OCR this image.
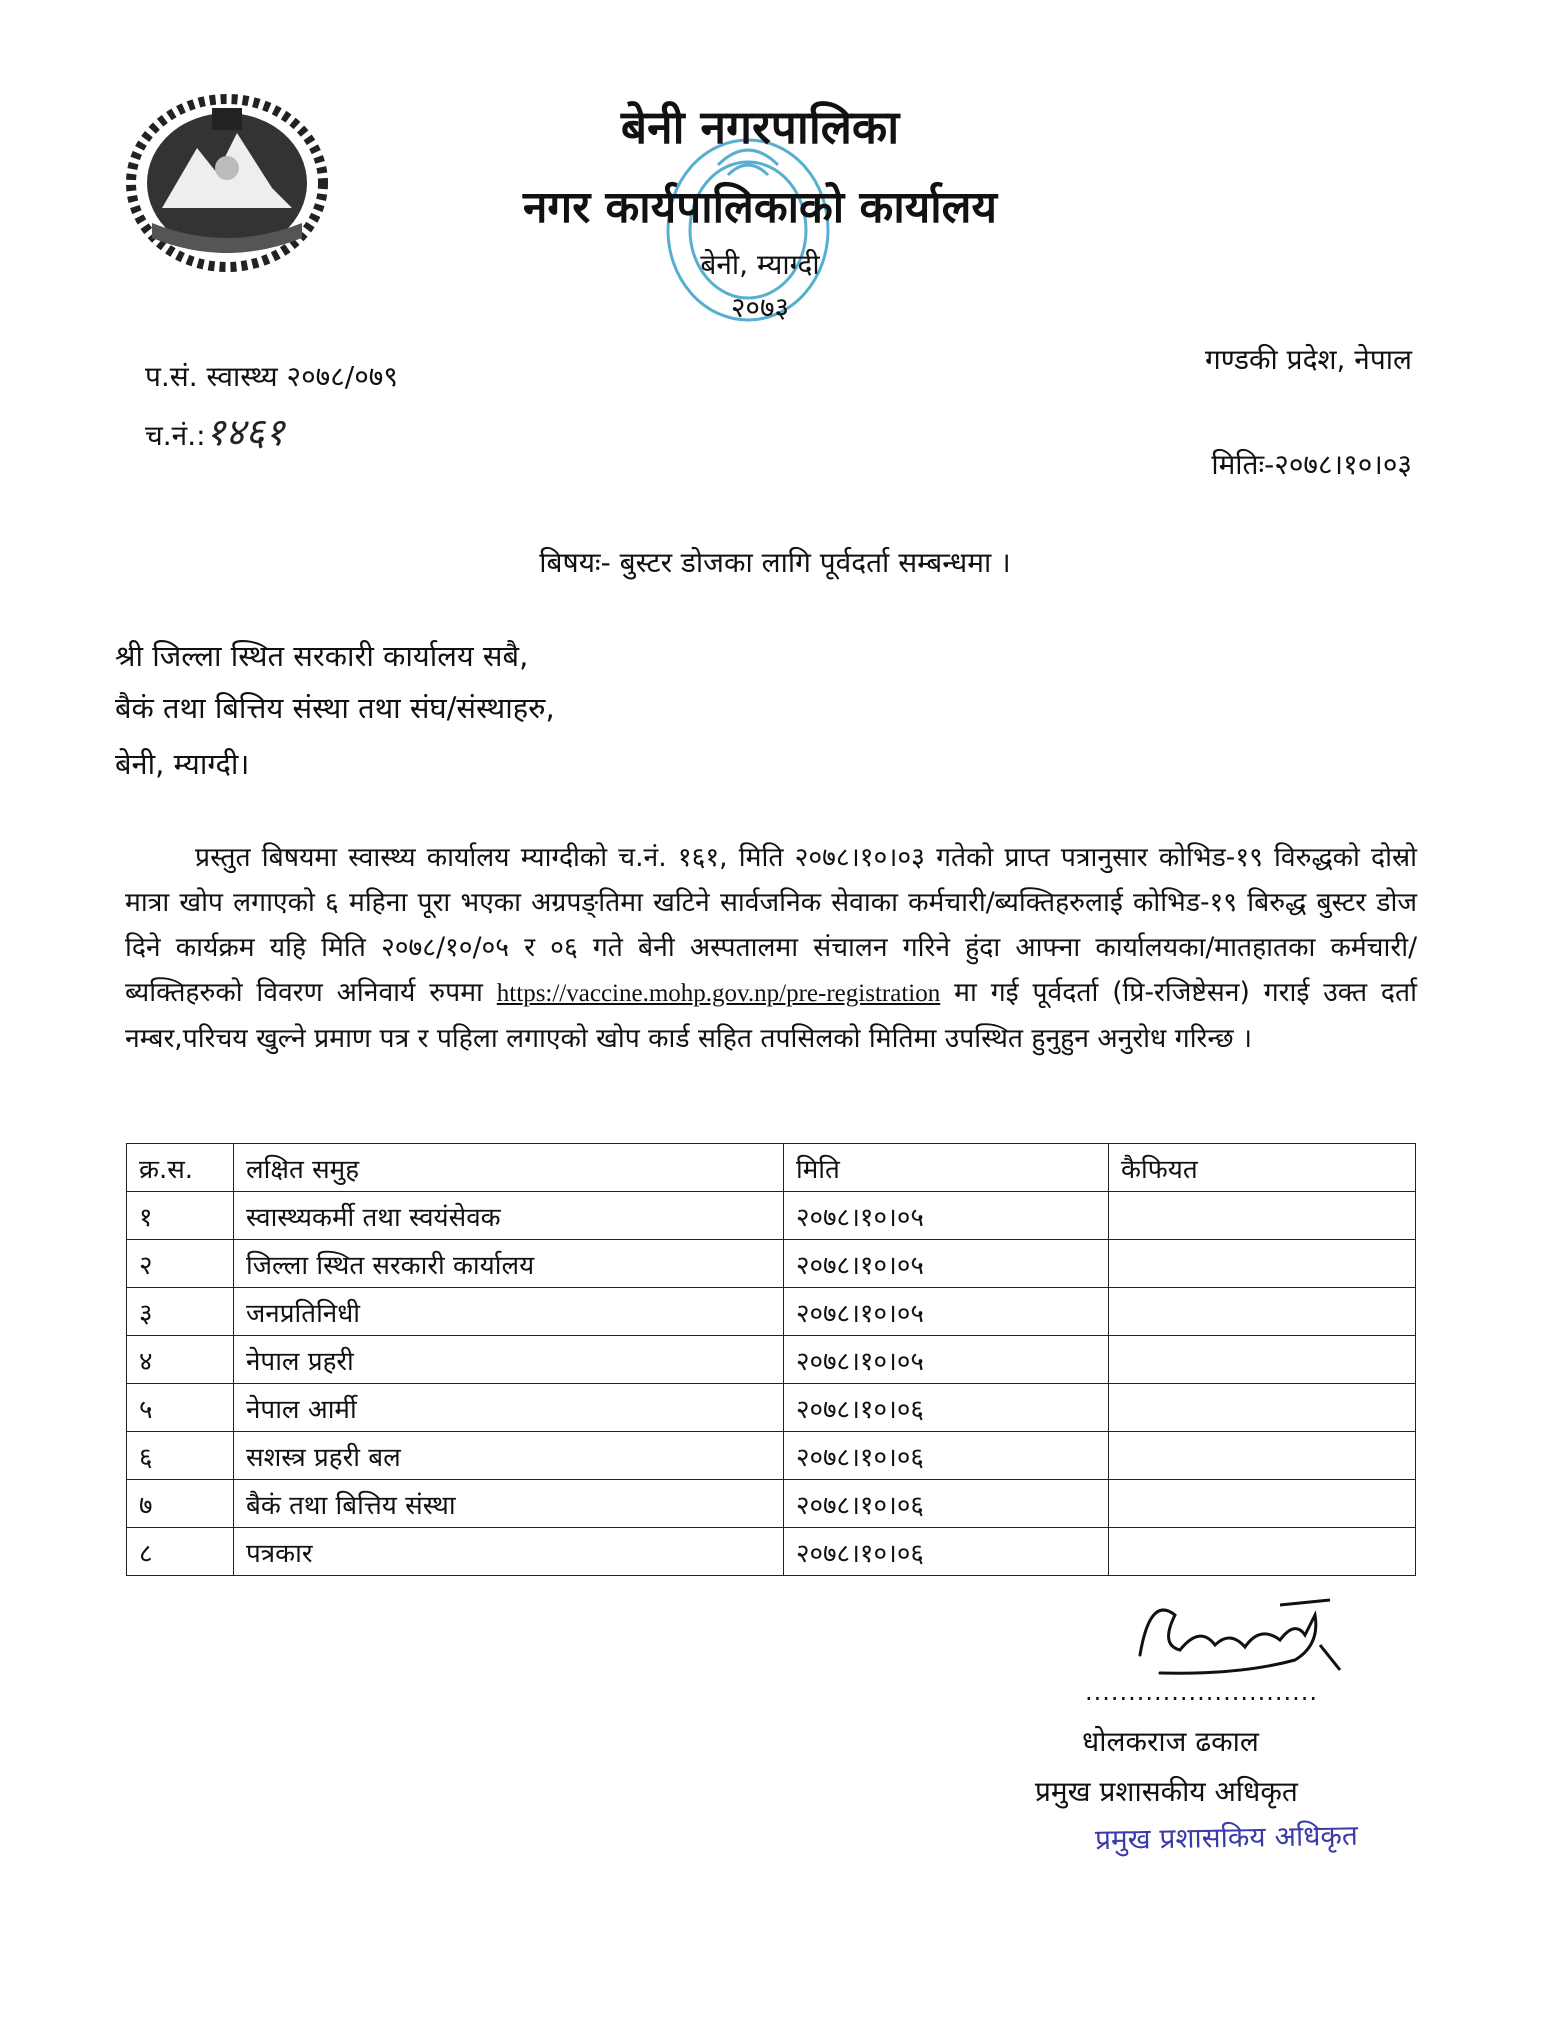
बेनी नगरपालिका
नगर कार्यपालिकाको कार्यालय
बेनी, म्याग्दी
२०७३
गण्डकी प्रदेश, नेपाल
प.सं. स्वास्थ्य २०७८/०७९
च.नं.:१४६१
मितिः-२०७८।१०।०३
बिषयः- बुस्टर डोजका लागि पूर्वदर्ता सम्बन्धमा ।
श्री जिल्ला स्थित सरकारी कार्यालय सबै,
बैकं तथा बित्तिय संस्था तथा संघ/संस्थाहरु,
बेनी, म्याग्दी।
प्रस्तुत बिषयमा स्वास्थ्य कार्यालय म्याग्दीको च.नं. १६१, मिति २०७८।१०।०३ गतेको प्राप्त पत्रानुसार कोभिड-१९ विरुद्धको दोस्रो मात्रा खोप लगाएको ६ महिना पूरा भएका अग्रपङ्तिमा खटिने सार्वजनिक सेवाका कर्मचारी/ब्यक्तिहरुलाई कोभिड-१९ बिरुद्ध बुस्टर डोज दिने कार्यक्रम यहि मिति २०७८/१०/०५ र ०६ गते बेनी अस्पतालमा संचालन गरिने हुंदा आफ्ना कार्यालयका/मातहातका कर्मचारी/ब्यक्तिहरुको विवरण अनिवार्य रुपमा https://vaccine.mohp.gov.np/pre-registration मा गई पूर्वदर्ता (प्रि-रजिष्टेसन) गराई उक्त दर्ता नम्बर,परिचय खुल्ने प्रमाण पत्र र पहिला लगाएको खोप कार्ड सहित तपसिलको मितिमा उपस्थित हुनुहुन अनुरोध गरिन्छ ।
क्र.स.	लक्षित समुह	मिति	कैफियत
१	स्वास्थ्यकर्मी तथा स्वयंसेवक	२०७८।१०।०५	
२	जिल्ला स्थित सरकारी कार्यालय	२०७८।१०।०५	
३	जनप्रतिनिधी	२०७८।१०।०५	
४	नेपाल प्रहरी	२०७८।१०।०५	
५	नेपाल आर्मी	२०७८।१०।०६	
६	सशस्त्र प्रहरी बल	२०७८।१०।०६	
७	बैकं तथा बित्तिय संस्था	२०७८।१०।०६	
८	पत्रकार	२०७८।१०।०६	
...........................
धोलकराज ढकाल
प्रमुख प्रशासकीय अधिकृत
प्रमुख प्रशासकिय अधिकृत
